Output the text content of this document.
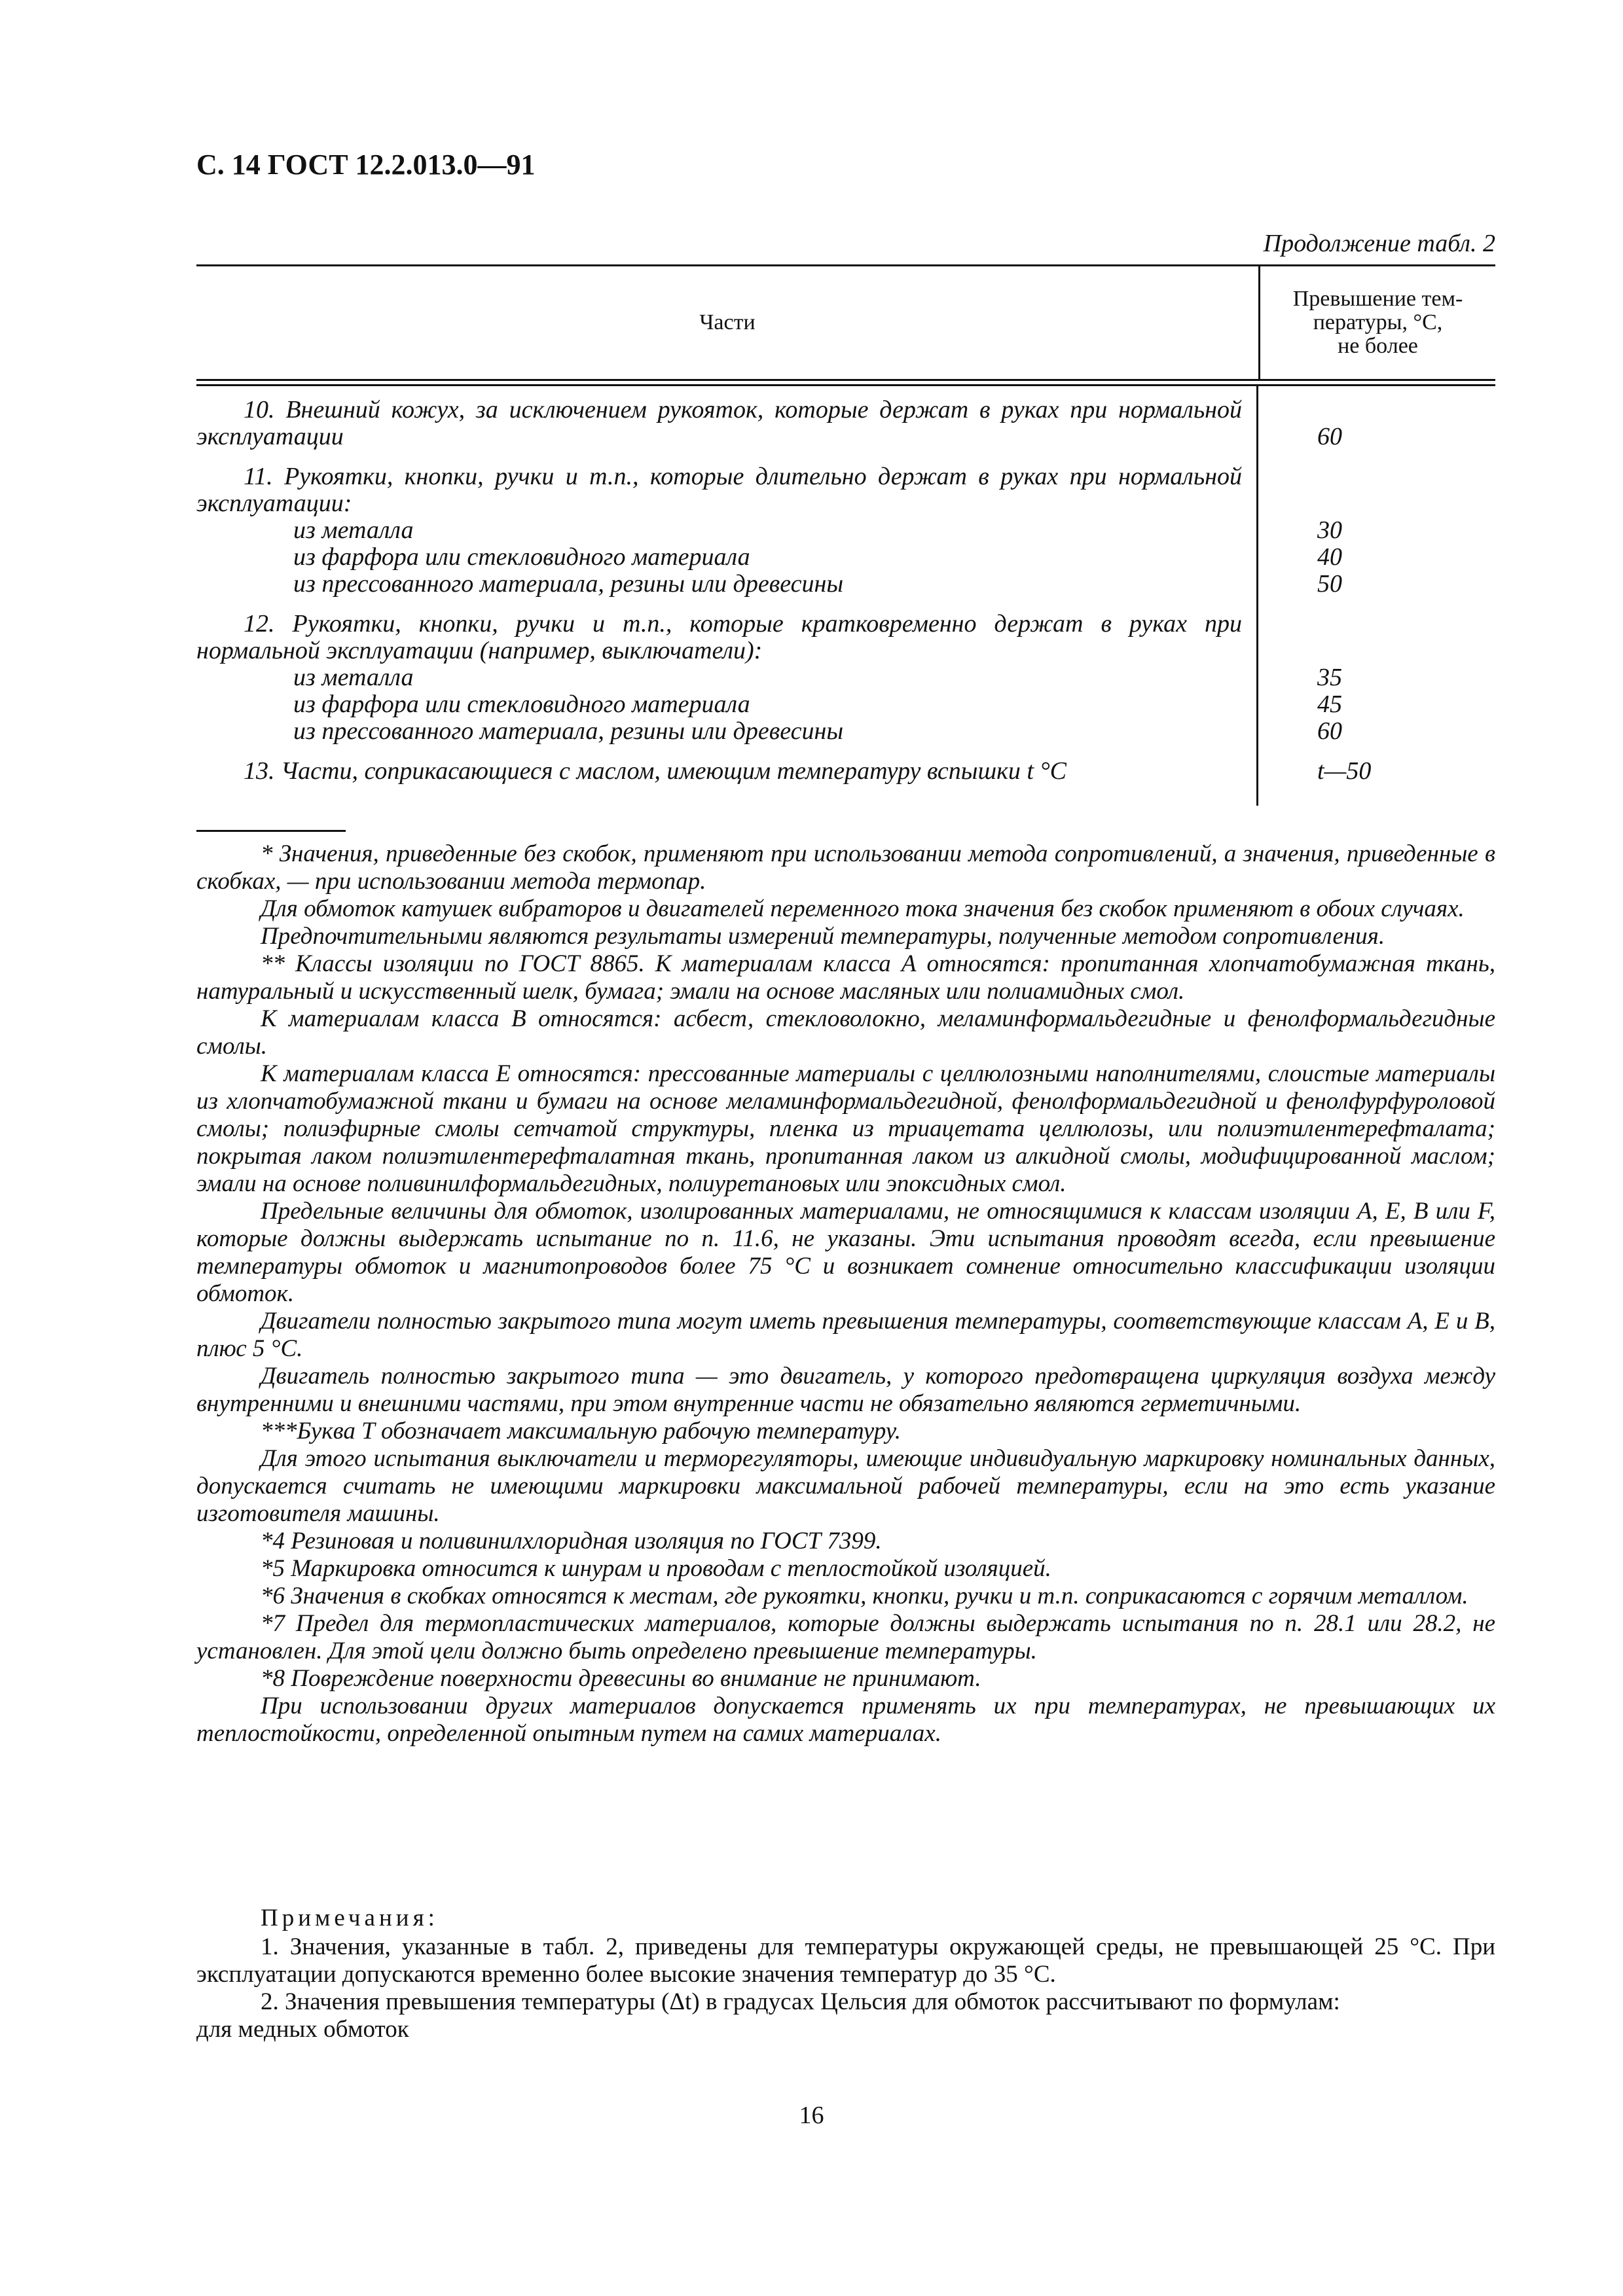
С. 14 ГОСТ 12.2.013.0—91
Продолжение табл. 2
Части
Превышение тем-
пературы, °С,
не более
10. Внешний кожух, за исключением рукояток, которые держат в руках при нормальной эксплуатации
11. Рукоятки, кнопки, ручки и т.п., которые длительно держат в руках при нормальной эксплуатации:
из металла
из фарфора или стекловидного материала
из прессованного материала, резины или древесины
12. Рукоятки, кнопки, ручки и т.п., которые кратковременно держат в руках при нормальной эксплуатации (например, выключатели):
из металла
из фарфора или стекловидного материала
из прессованного материала, резины или древесины
13. Части, соприкасающиеся с маслом, имеющим температуру вспышки t °С
60
30
40
50
35
45
60
t—50

* Значения, приведенные без скобок, применяют при использовании метода сопротивлений, а значения, приведенные в скобках, — при использовании метода термопар.

Для обмоток катушек вибраторов и двигателей переменного тока значения без скобок применяют в обоих случаях.

Предпочтительными являются результаты измерений температуры, полученные методом сопротивления.

** Классы изоляции по ГОСТ 8865. К материалам класса А относятся: пропитанная хлопчатобумажная ткань, натуральный и искусственный шелк, бумага; эмали на основе масляных или полиамидных смол.

К материалам класса В относятся: асбест, стекловолокно, меламинформальдегидные и фенолформальдегидные смолы.

К материалам класса Е относятся: прессованные материалы с целлюлозными наполнителями, слоистые материалы из хлопчатобумажной ткани и бумаги на основе меламинформальдегидной, фенолформальдегидной и фенолфурфуроловой смолы; полиэфирные смолы сетчатой структуры, пленка из триацетата целлюлозы, или полиэтилентерефталата; покрытая лаком полиэтилентерефталатная ткань, пропитанная лаком из алкидной смолы, модифицированной маслом; эмали на основе поливинилформальдегидных, полиуретановых или эпоксидных смол.

Предельные величины для обмоток, изолированных материалами, не относящимися к классам изоляции А, Е, В или F, которые должны выдержать испытание по п. 11.6, не указаны. Эти испытания проводят всегда, если превышение температуры обмоток и магнитопроводов более 75 °С и возникает сомнение относительно классификации изоляции обмоток.

Двигатели полностью закрытого типа могут иметь превышения температуры, соответствующие классам А, Е и В, плюс 5 °С.

Двигатель полностью закрытого типа — это двигатель, у которого предотвращена циркуляция воздуха между внутренними и внешними частями, при этом внутренние части не обязательно являются герметичными.

***Буква Т обозначает максимальную рабочую температуру.

Для этого испытания выключатели и терморегуляторы, имеющие индивидуальную маркировку номинальных данных, допускается считать не имеющими маркировки максимальной рабочей температуры, если на это есть указание изготовителя машины.

*4 Резиновая и поливинилхлоридная изоляция по ГОСТ 7399.

*5 Маркировка относится к шнурам и проводам с теплостойкой изоляцией.

*6 Значения в скобках относятся к местам, где рукоятки, кнопки, ручки и т.п. соприкасаются с горячим металлом.

*7 Предел для термопластических материалов, которые должны выдержать испытания по п. 28.1 или 28.2, не установлен. Для этой цели должно быть определено превышение температуры.

*8 Повреждение поверхности древесины во внимание не принимают.

При использовании других материалов допускается применять их при температурах, не превышающих их теплостойкости, определенной опытным путем на самих материалах.

Примечания:

1. Значения, указанные в табл. 2, приведены для температуры окружающей среды, не превышающей 25 °С. При эксплуатации допускаются временно более высокие значения температур до 35 °С.

2. Значения превышения температуры (Δt) в градусах Цельсия для обмоток рассчитывают по формулам:

для медных обмоток

16
